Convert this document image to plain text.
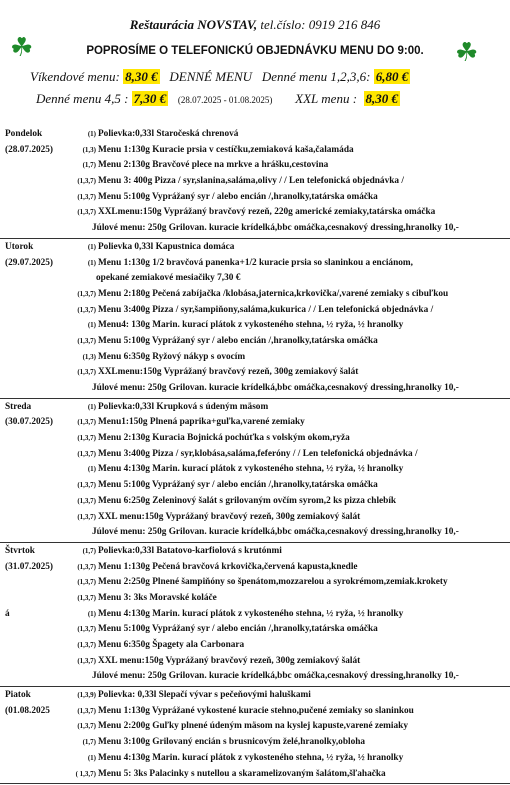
Reštaurácia NOVSTAV, tel.číslo: 0919 216 846
☘	☘
POPROSÍME O TELEFONICKÚ OBJEDNÁVKU MENU DO 9:00.
Víkendové menu: 8,30 € DENNÉ MENU Denné menu 1,2,3,6: 6,80 €
Denné menu 4,5 : 7,30 € (28.07.2025 - 01.08.2025) XXL menu : 8,30 €
Pondelok	(1) Polievka:0,33l Staročeská chrenová
(28.07.2025)	(1,3) Menu 1:130g Kuracie prsia v cestíčku,zemiaková kaša,čalamáda
(1,7) Menu 2:130g Bravčové plece na mrkve a hrášku,cestovina
(1,3,7) Menu 3: 400g Pizza / syr,slanina,saláma,olivy / / Len telefonická objednávka /
(1,3,7) Menu 5:100g Vyprážaný syr / alebo encián /,hranolky,tatárska omáčka
(1,3,7) XXLmenu:150g Vyprážaný bravčový rezeň, 220g americké zemiaky,tatárska omáčka
Júlové menu: 250g Grilovan. kuracie krídelká,bbc omáčka,cesnakový dressing,hranolky 10,-
Utorok	(1) Polievka 0,33l Kapustnica domáca
(29.07.2025)	(1) Menu 1:130g 1/2 bravčová panenka+1/2 kuracie prsia so slaninkou a enciánom,
opekané zemiakové mesiačiky 7,30 €
(1,3,7) Menu 2:180g Pečená zabíjačka /klobása,jaternica,krkovička/,varené zemiaky s cibuľkou
(1,3,7) Menu 3:400g Pizza / syr,šampiňony,saláma,kukurica / / Len telefonická objednávka /
(1) Menu4: 130g Marin. kurací plátok z vykosteného stehna, ½ ryža, ½ hranolky
(1,3,7) Menu 5:100g Vyprážaný syr / alebo encián /,hranolky,tatárska omáčka
(1,3) Menu 6:350g Ryžový nákyp s ovocím
(1,3,7) XXLmenu:150g Vyprážaný bravčový rezeň, 300g zemiakový šalát
Júlové menu: 250g Grilovan. kuracie krídelká,bbc omáčka,cesnakový dressing,hranolky 10,-
Streda	(1) Polievka:0,33l Krupková s údeným mäsom
(30.07.2025)	(1,3,7) Menu1:150g Plnená paprika+guľka,varené zemiaky
(1,3,7) Menu 2:130g Kuracia Bojnická pochúťka s volským okom,ryža
(1,3,7) Menu 3:400g Pizza / syr,klobása,saláma,feferóny / / Len telefonická objednávka /
(1) Menu 4:130g Marin. kurací plátok z vykosteného stehna, ½ ryža, ½ hranolky
(1,3,7) Menu 5:100g Vyprážaný syr / alebo encián /,hranolky,tatárska omáčka
(1,3,7) Menu 6:250g Zeleninový šalát s grilovaným ovčím syrom,2 ks pizza chlebík
(1,3,7) XXL menu:150g Vyprážaný bravčový rezeň, 300g zemiakový šalát
Júlové menu: 250g Grilovan. kuracie krídelká,bbc omáčka,cesnakový dressing,hranolky 10,-
Štvrtok	(1,7) Polievka:0,33l Batatovo-karfiolová s krutónmi
(31.07.2025)	(1,3,7) Menu 1:130g Pečená bravčová krkovička,červená kapusta,knedle
(1,3,7) Menu 2:250g Plnené šampiňóny so špenátom,mozzarelou a syrokrémom,zemiak.krokety
(1,3,7) Menu 3: 3ks Moravské koláče
á	(1) Menu 4:130g Marin. kurací plátok z vykosteného stehna, ½ ryža, ½ hranolky
(1,3,7) Menu 5:100g Vyprážaný syr / alebo encián /,hranolky,tatárska omáčka
(1,3,7) Menu 6:350g Špagety ala Carbonara
(1,3,7) XXL menu:150g Vyprážaný bravčový rezeň, 300g zemiakový šalát
Júlové menu: 250g Grilovan. kuracie krídelká,bbc omáčka,cesnakový dressing,hranolky 10,-
Piatok	(1,3,9) Polievka: 0,33l Slepačí vývar s pečeňovými haluškami
(01.08.2025	(1,3,7) Menu 1:130g Vyprážané vykostené kuracie stehno,pučené zemiaky so slaninkou
(1,3,7) Menu 2:200g Guľky plnené údeným mäsom na kyslej kapuste,varené zemiaky
(1,7) Menu 3:100g Grilovaný encián s brusnicovým želé,hranolky,obloha
(1) Menu 4:130g Marin. kurací plátok z vykosteného stehna, ½ ryža, ½ hranolky
( 1,3,7) Menu 5: 3ks Palacinky s nutellou a skaramelizovaným šalátom,šľahačka
